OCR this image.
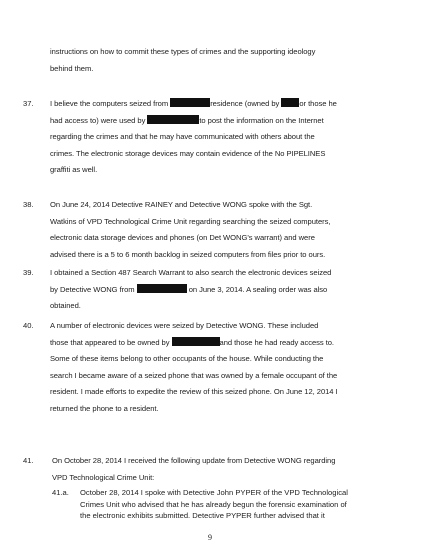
instructions on how to commit these types of crimes and the supporting ideology
behind them.
37. I believe the computers seized from	residence (owned by	or those he
had access to) were used by	to post the information on the Internet
regarding the crimes and that he may have communicated with others about the
crimes. The electronic storage devices may contain evidence of the No PIPELINES
graffiti as well.
38. On June 24, 2014 Detective RAINEY and Detective WONG spoke with the Sgt.
Watkins of VPD Technological Crime Unit regarding searching the seized computers,
electronic data storage devices and phones (on Det WONG's warrant) and were
advised there is a 5 to 6 month backlog in seized computers from files prior to ours.
39. I obtained a Section 487 Search Warrant to also search the electronic devices seized
by Detective WONG from	on June 3, 2014. A sealing order was also
obtained.
40. A number of electronic devices were seized by Detective WONG. These included
those that appeared to be owned by	and those he had ready access to.
Some of these items belong to other occupants of the house. While conducting the
search I became aware of a seized phone that was owned by a female occupant of the
resident. I made efforts to expedite the review of this seized phone. On June 12, 2014 I
returned the phone to a resident.
41. On October 28, 2014 I received the following update from Detective WONG regarding
VPD Technological Crime Unit:
41.a. October 28, 2014 I spoke with Detective John PYPER of the VPD Technological
Crimes Unit who advised that he has already begun the forensic examination of
the electronic exhibits submitted. Detective PYPER further advised that it
9
